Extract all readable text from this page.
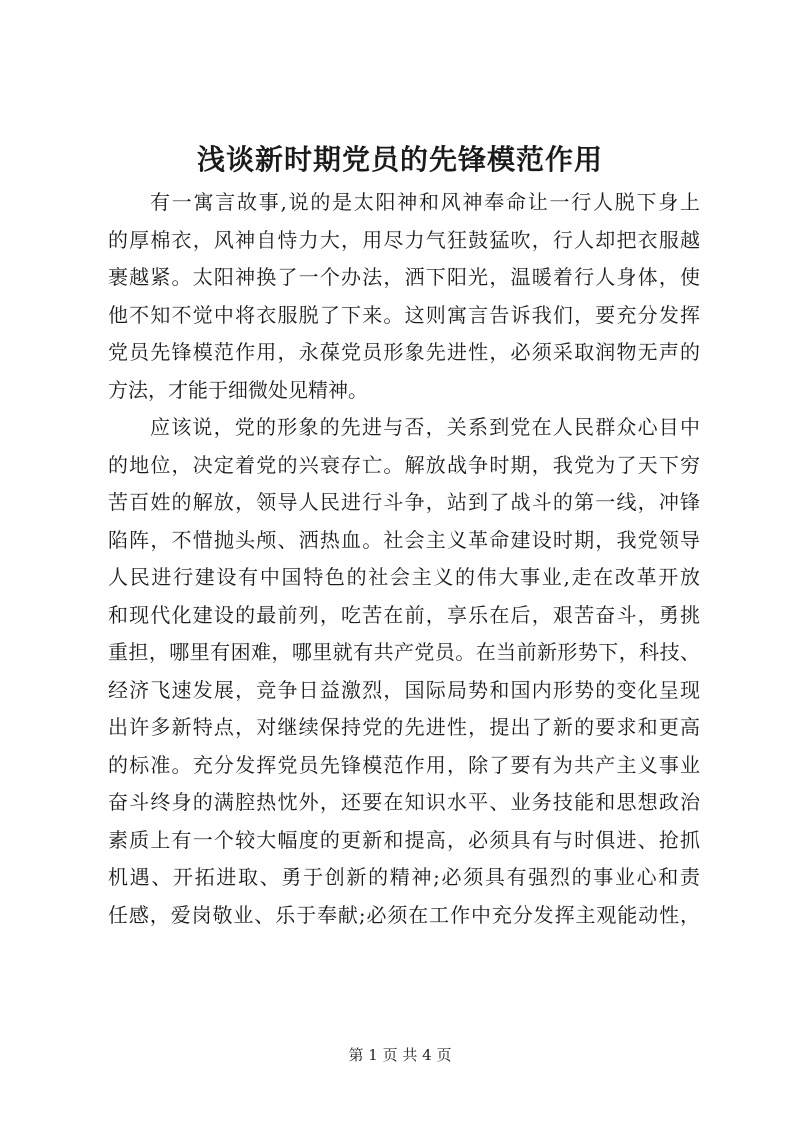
浅谈新时期党员的先锋模范作用
有一寓言故事,说的是太阳神和风神奉命让一行人脱下身上
的厚棉衣，风神自恃力大，用尽力气狂鼓猛吹，行人却把衣服越
裹越紧。太阳神换了一个办法，洒下阳光，温暖着行人身体，使
他不知不觉中将衣服脱了下来。这则寓言告诉我们，要充分发挥
党员先锋模范作用，永葆党员形象先进性，必须采取润物无声的
方法，才能于细微处见精神。
应该说，党的形象的先进与否，关系到党在人民群众心目中
的地位，决定着党的兴衰存亡。解放战争时期，我党为了天下穷
苦百姓的解放，领导人民进行斗争，站到了战斗的第一线，冲锋
陷阵，不惜抛头颅、洒热血。社会主义革命建设时期，我党领导
人民进行建设有中国特色的社会主义的伟大事业,走在改革开放
和现代化建设的最前列，吃苦在前，享乐在后，艰苦奋斗，勇挑
重担，哪里有困难，哪里就有共产党员。在当前新形势下，科技、
经济飞速发展，竞争日益激烈，国际局势和国内形势的变化呈现
出许多新特点，对继续保持党的先进性，提出了新的要求和更高
的标准。充分发挥党员先锋模范作用，除了要有为共产主义事业
奋斗终身的满腔热忱外，还要在知识水平、业务技能和思想政治
素质上有一个较大幅度的更新和提高，必须具有与时俱进、抢抓
机遇、开拓进取、勇于创新的精神;必须具有强烈的事业心和责
任感，爱岗敬业、乐于奉献;必须在工作中充分发挥主观能动性，
第 1 页 共 4 页
